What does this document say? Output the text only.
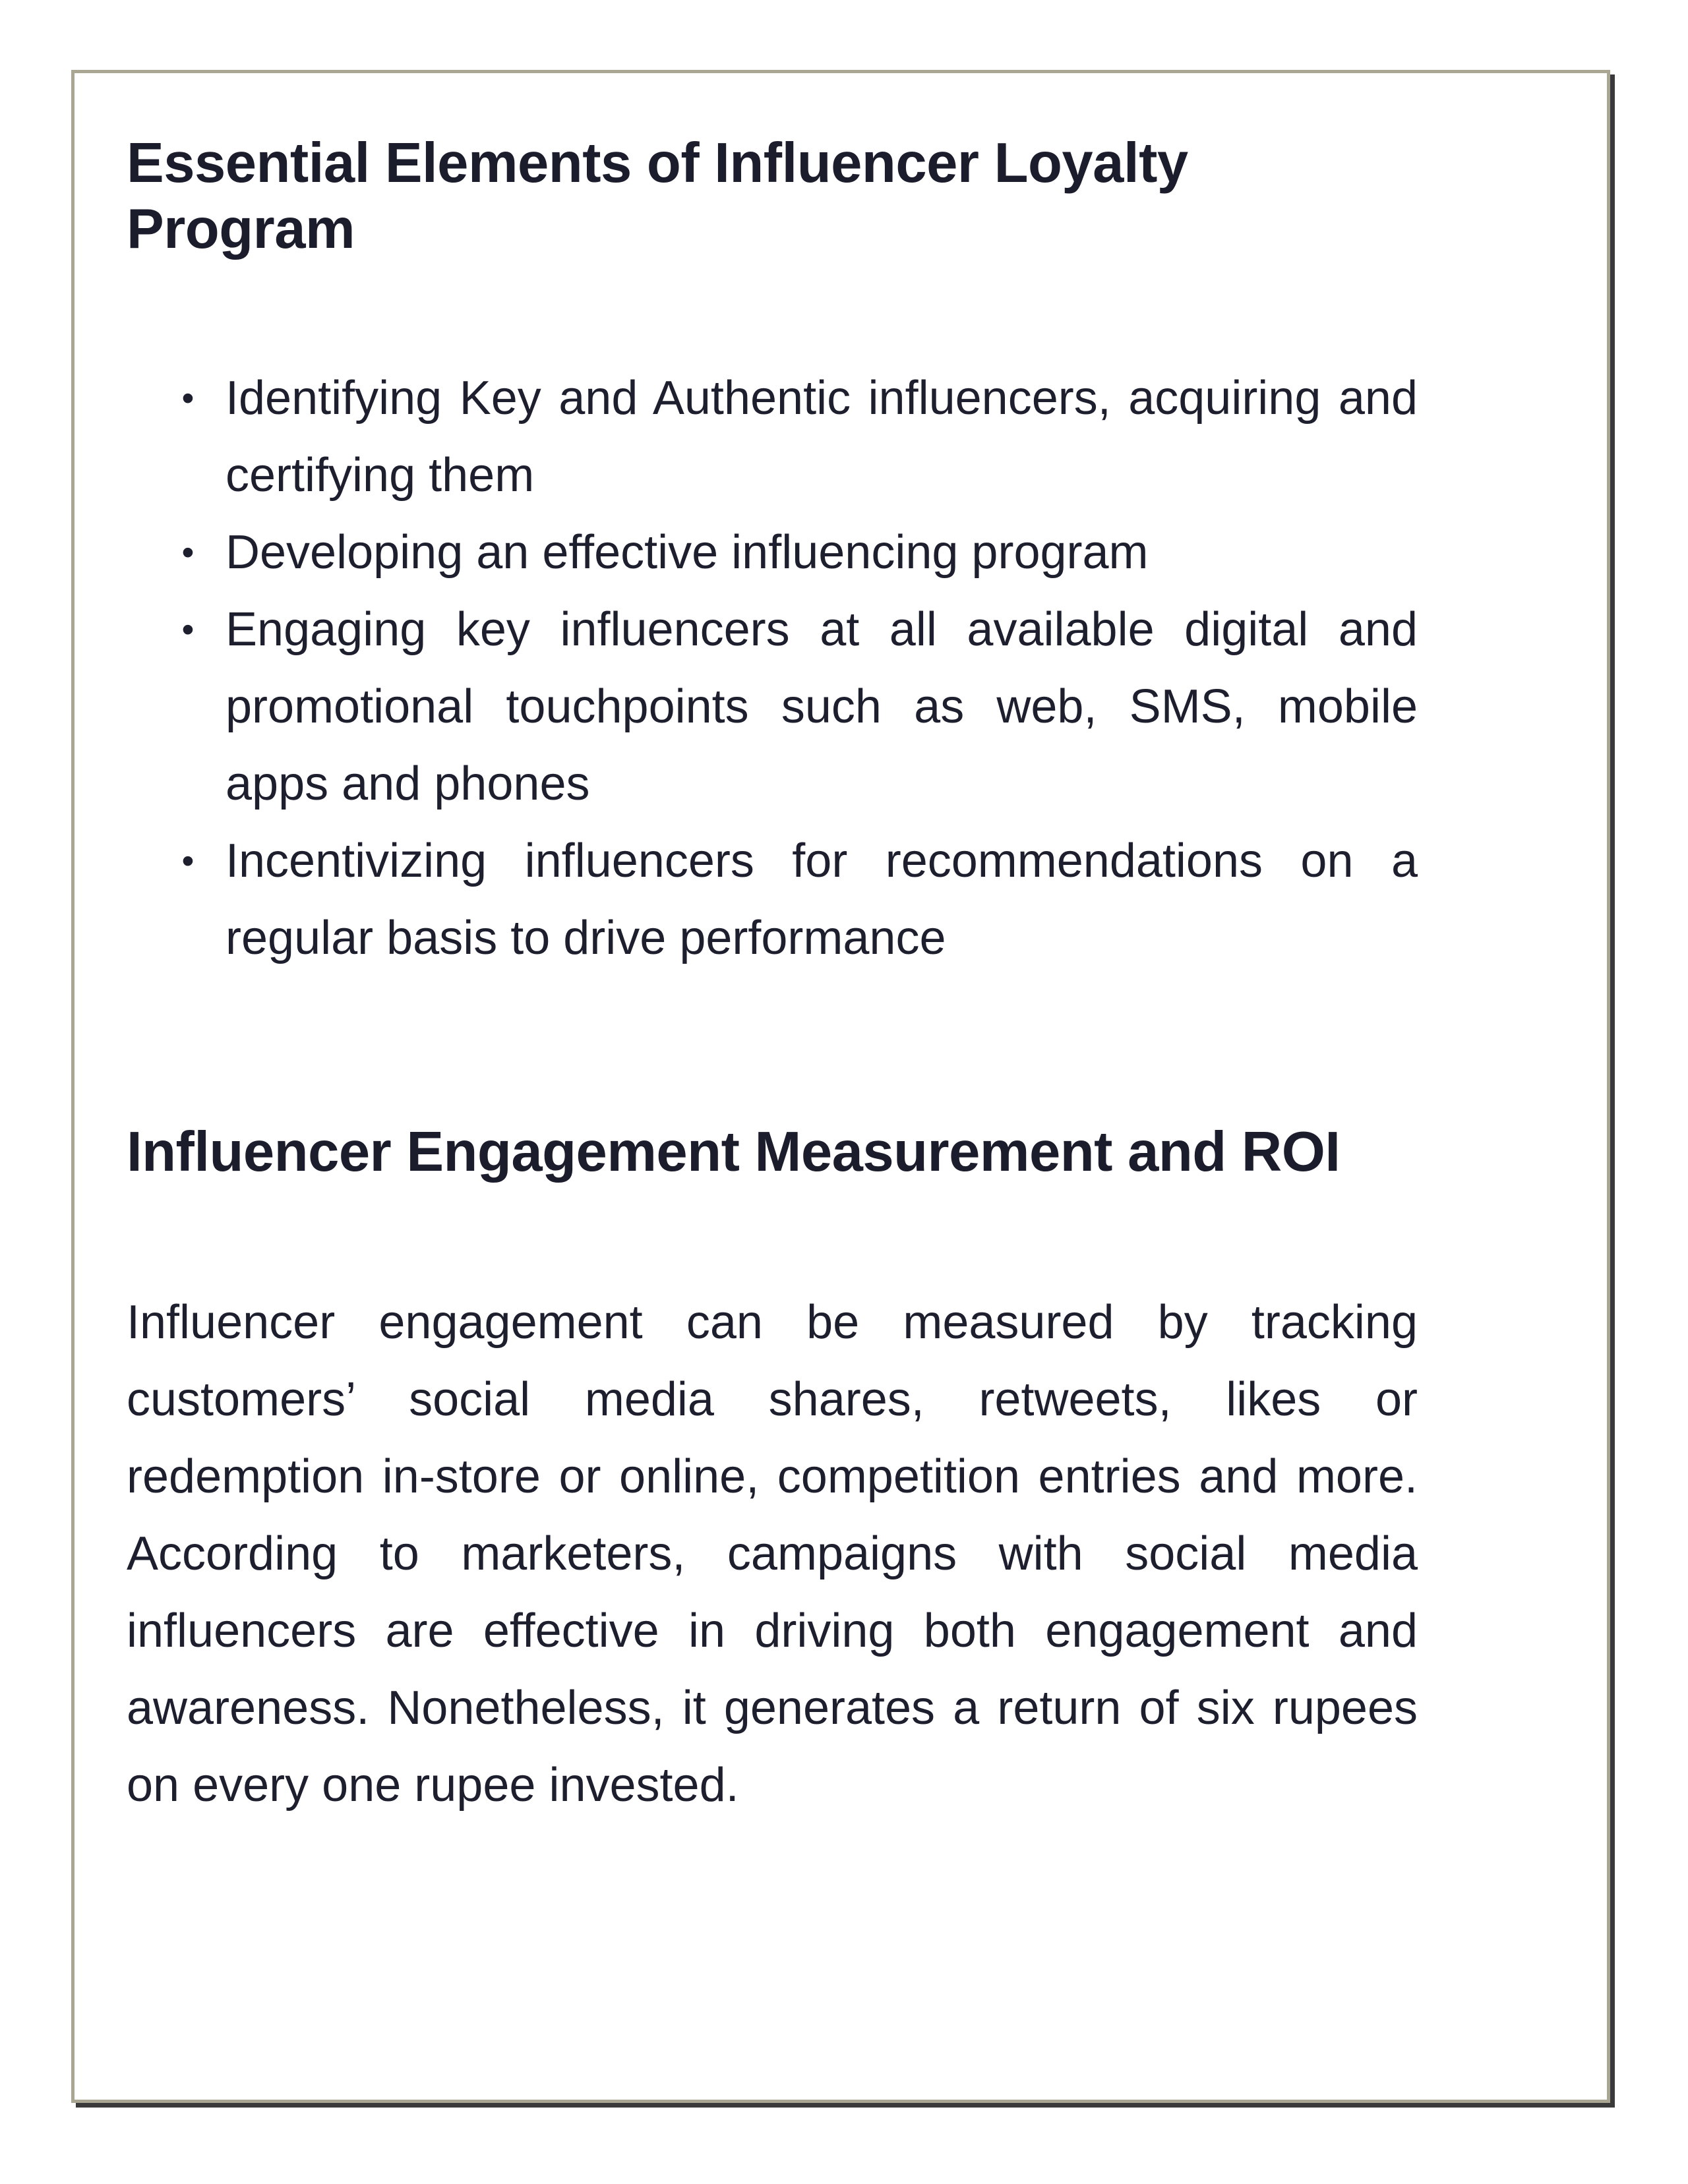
Essential Elements of Influencer Loyalty Program
• Identifying Key and Authentic influencers, acquiring and certifying them
• Developing an effective influencing program
• Engaging key influencers at all available digital and promotional touchpoints such as web, SMS, mobile apps and phones
• Incentivizing influencers for recommendations on a regular basis to drive performance
Influencer Engagement Measurement and ROI

Influencer engagement can be measured by tracking customers’ social media shares, retweets, likes or redemption in-store or online, competition entries and more. According to marketers, campaigns with social media influencers are effective in driving both engagement and awareness. Nonetheless, it generates a return of six rupees on every one rupee invested.
